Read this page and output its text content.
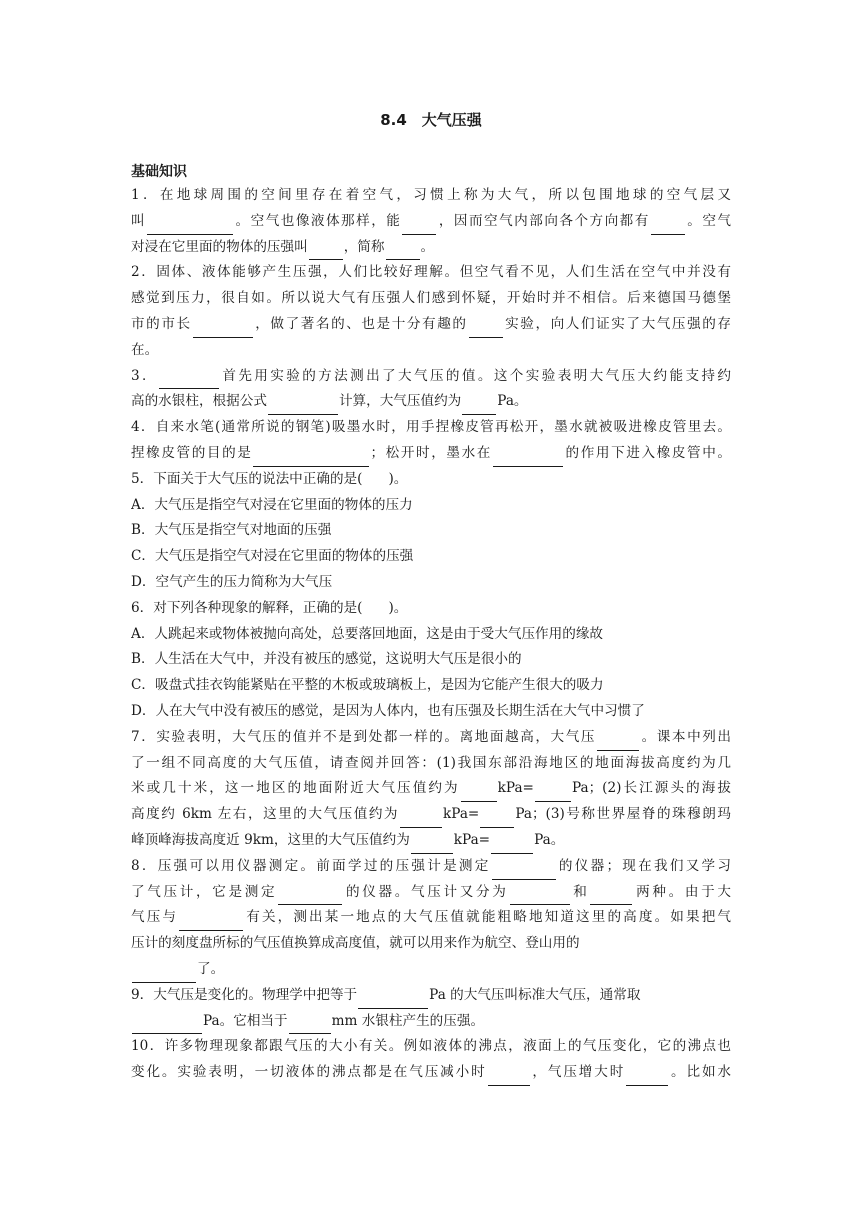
8.4　大气压强
基础知识
1．在地球周围的空间里存在着空气，习惯上称为大气，所以包围地球的空气层又
叫	。空气也像液体那样，能	，因而空气内部向各个方向都有	。空气
对浸在它里面的物体的压强叫	，简称	。
2．固体、液体能够产生压强，人们比较好理解。但空气看不见，人们生活在空气中并没有
感觉到压力，很自如。所以说大气有压强人们感到怀疑，开始时并不相信。后来德国马德堡
市的市长	，做了著名的、也是十分有趣的	实验，向人们证实了大气压强的存
在。
3．	首先用实验的方法测出了大气压的值。这个实验表明大气压大约能支持约
高的水银柱，根据公式	计算，大气压值约为	Pa。
4．自来水笔(通常所说的钢笔)吸墨水时，用手捏橡皮管再松开，墨水就被吸进橡皮管里去。
捏橡皮管的目的是	；松开时，墨水在	的作用下进入橡皮管中。
5．下面关于大气压的说法中正确的是( )。
A．大气压是指空气对浸在它里面的物体的压力
B．大气压是指空气对地面的压强
C．大气压是指空气对浸在它里面的物体的压强
D．空气产生的压力简称为大气压
6．对下列各种现象的解释，正确的是( )。
A．人跳起来或物体被抛向高处，总要落回地面，这是由于受大气压作用的缘故
B．人生活在大气中，并没有被压的感觉，这说明大气压是很小的
C．吸盘式挂衣钩能紧贴在平整的木板或玻璃板上，是因为它能产生很大的吸力
D．人在大气中没有被压的感觉，是因为人体内，也有压强及长期生活在大气中习惯了
7．实验表明，大气压的值并不是到处都一样的。离地面越高，大气压	。课本中列出
了一组不同高度的大气压值，请查阅并回答：(1)我国东部沿海地区的地面海拔高度约为几
米或几十米，这一地区的地面附近大气压值约为	kPa=	Pa；(2)长江源头的海拔
高度约 6km 左右，这里的大气压值约为	kPa=	Pa；(3)号称世界屋脊的珠穆朗玛
峰顶峰海拔高度近 9km，这里的大气压值约为	kPa=	Pa。
8．压强可以用仪器测定。前面学过的压强计是测定	的仪器；现在我们又学习
了气压计，它是测定	的仪器。气压计又分为	和	两种。由于大
气压与	有关，测出某一地点的大气压值就能粗略地知道这里的高度。如果把气
压计的刻度盘所标的气压值换算成高度值，就可以用来作为航空、登山用的
了。
9．大气压是变化的。物理学中把等于	Pa 的大气压叫标准大气压，通常取
Pa。它相当于	mm 水银柱产生的压强。
10．许多物理现象都跟气压的大小有关。例如液体的沸点，液面上的气压变化，它的沸点也
变化。实验表明，一切液体的沸点都是在气压减小时	，气压增大时	。比如水
